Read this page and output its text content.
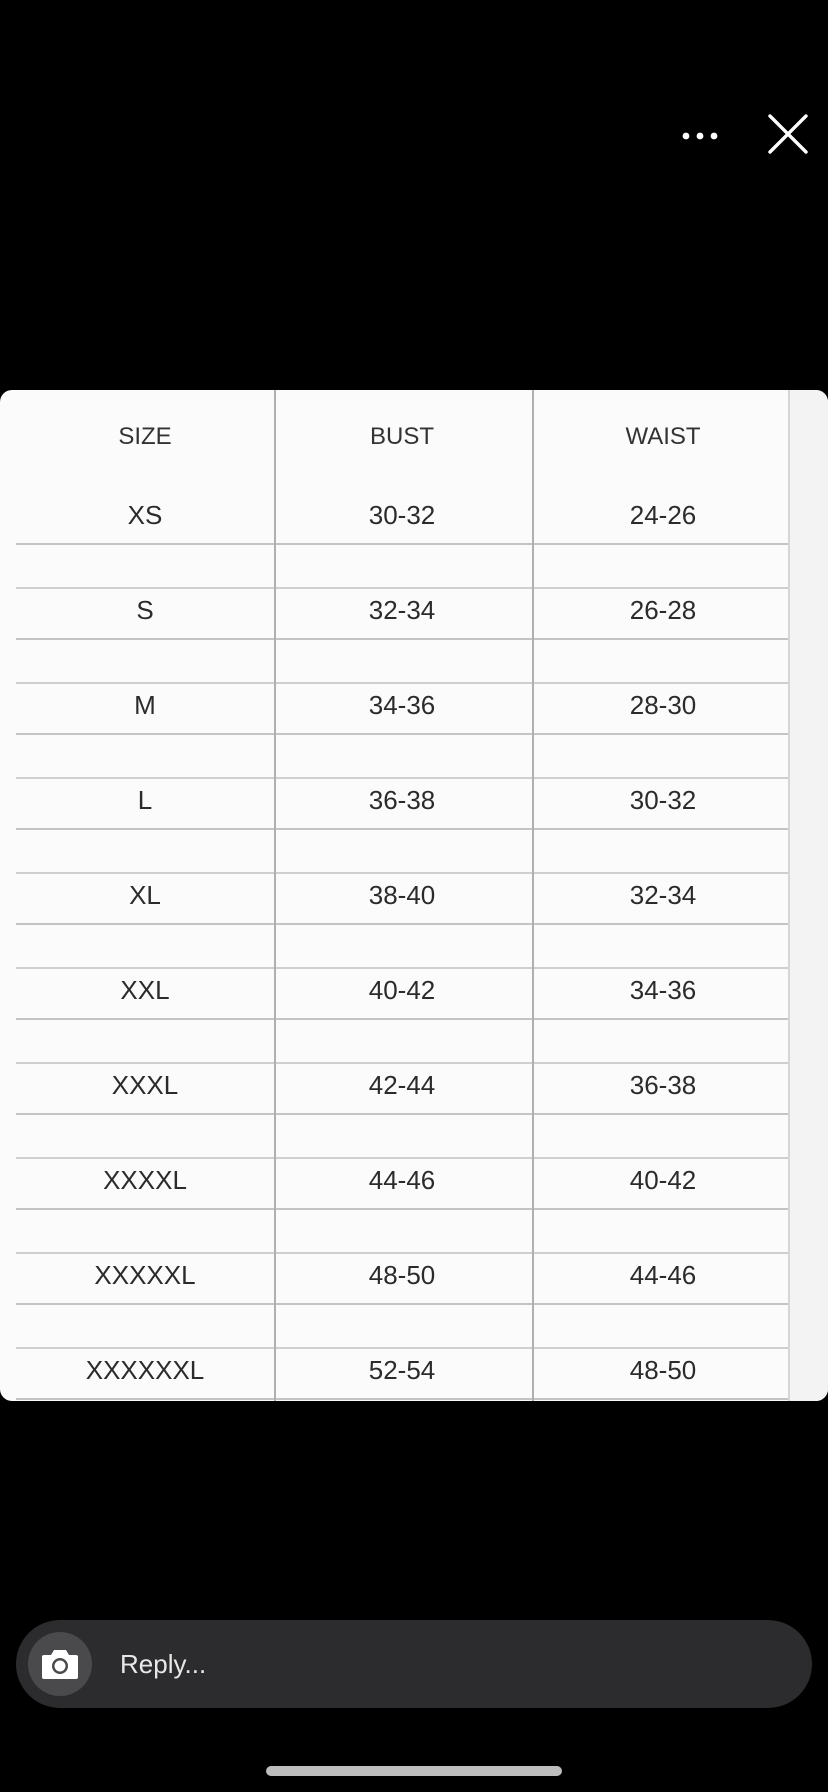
SIZE	BUST	WAIST
XS	30-32	24-26
S	32-34	26-28
M	34-36	28-30
L	36-38	30-32
XL	38-40	32-34
XXL	40-42	34-36
XXXL	42-44	36-38
XXXXL	44-46	40-42
XXXXXL	48-50	44-46
XXXXXXL	52-54	48-50
Reply...
